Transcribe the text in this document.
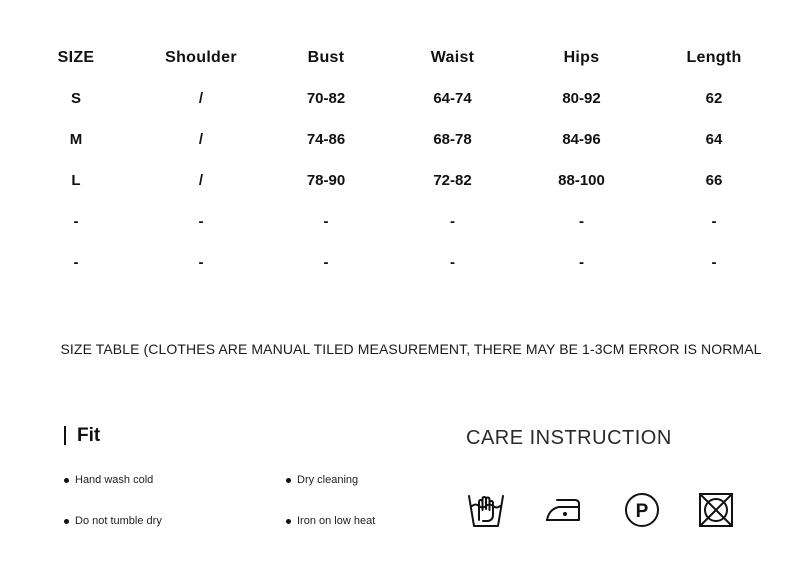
SIZE	Shoulder	Bust	Waist	Hips	Length
S	/	70-82	64-74	80-92	62
M	/	74-86	68-78	84-96	64
L	/	78-90	72-82	88-100	66
-	-	-	-	-	-
-	-	-	-	-	-
SIZE TABLE (CLOTHES ARE MANUAL TILED MEASUREMENT, THERE MAY BE 1-3CM ERROR IS NORMAL
Fit
Hand wash cold	Dry cleaning
Do not tumble dry	Iron on low heat
CARE INSTRUCTION
P
